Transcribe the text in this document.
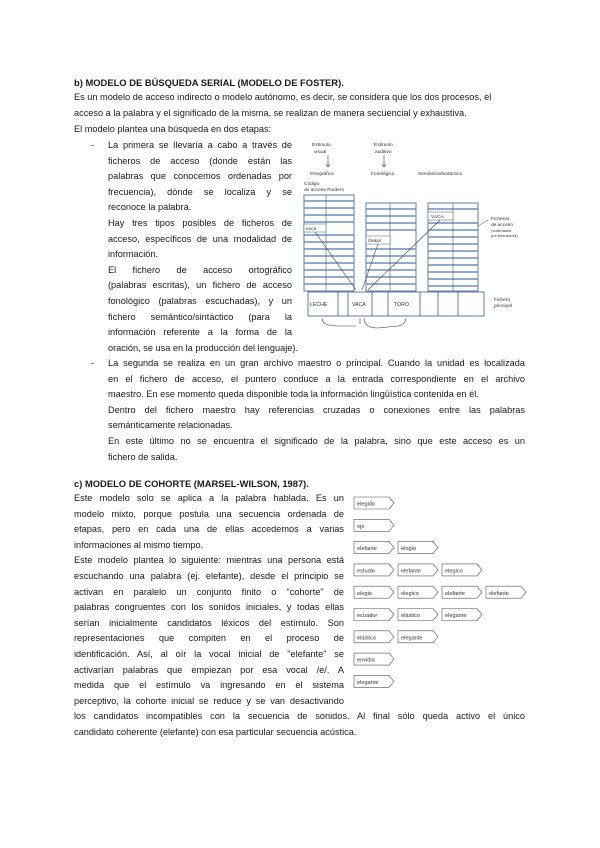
b) MODELO DE BÚSQUEDA SERIAL (MODELO DE FOSTER).
Es un modelo de acceso indirecto o modelo autónomo, es decir, se considera que los dos procesos, el
acceso a la palabra y el significado de la misma, se realizan de manera secuencial y exhaustiva.
El modelo plantea una búsqueda en dos etapas:
- La primera se llevaría a cabo a través de
ficheros de acceso (donde están las
palabras que conocemos ordenadas por
frecuencia), dónde se localiza y se
reconoce la palabra.
Hay tres tipos posibles de ficheros de
acceso, específicos de una modalidad de
información.
El fichero de acceso ortográfico
(palabras escritas), un fichero de acceso
fonológico (palabras escuchadas), y un
fichero semántico/sintáctico (para la
información referente a la forma de la
oración, se usa en la producción del lenguaje).
Estímulo
visual
Estímulo
auditivo
Ortográfico	Fonológico	Semántico/sintáctico
Código
de acceso Puntero
vaca
/baka/
VACA	Ficheros
de acceso
(ordenados
por frecuencia)
LECHE	VACA	TORO
Fichero
principal
- La segunda se realiza en un gran archivo maestro o principal. Cuando la unidad es localizada
en el fichero de acceso, el puntero conduce a la entrada correspondiente en el archivo
maestro. En ese momento queda disponible toda la información lingüística contenida en él.
Dentro del fichero maestro hay referencias cruzadas o conexiones entre las palabras
semánticamente relacionadas.
En este último no se encuentra el significado de la palabra, sino que este acceso es un
fichero de salida.
c) MODELO DE COHORTE (MARSEL-WILSON, 1987).
Este modelo solo se aplica a la palabra hablada. Es un
modelo mixto, porque postula una secuencia ordenada de
etapas, pero en cada una de ellas accedemos a varias
informaciones al mismo tiempo.
Este modelo plantea lo siguiente: mientras una persona está
escuchando una palabra (ej. elefante), desde el principio se
activan en paralelo un conjunto finito o "cohorte" de
palabras congruentes con los sonidos iniciales, y todas ellas
serían inicialmente candidatos léxicos del estímulo. Son
representaciones que compiten en el proceso de
identificación. Así, al oír la vocal inicial de "elefante" se
activarían palabras que empiezan por esa vocal /e/. A
medida que el estímulo va ingresando en el sistema
perceptivo, la cohorte inicial se reduce y se van desactivando
los candidatos incompatibles con la secuencia de sonidos. Al final sólo queda activo el único
candidato coherente (elefante) con esa particular secuencia acústica.
elegido
eje
elefante	elogio
estudio	elefante	elegico
elegio	elegico	elefante	elefante
ecuador	elástico	elegante
elástico	elegante
envidia
elegante
